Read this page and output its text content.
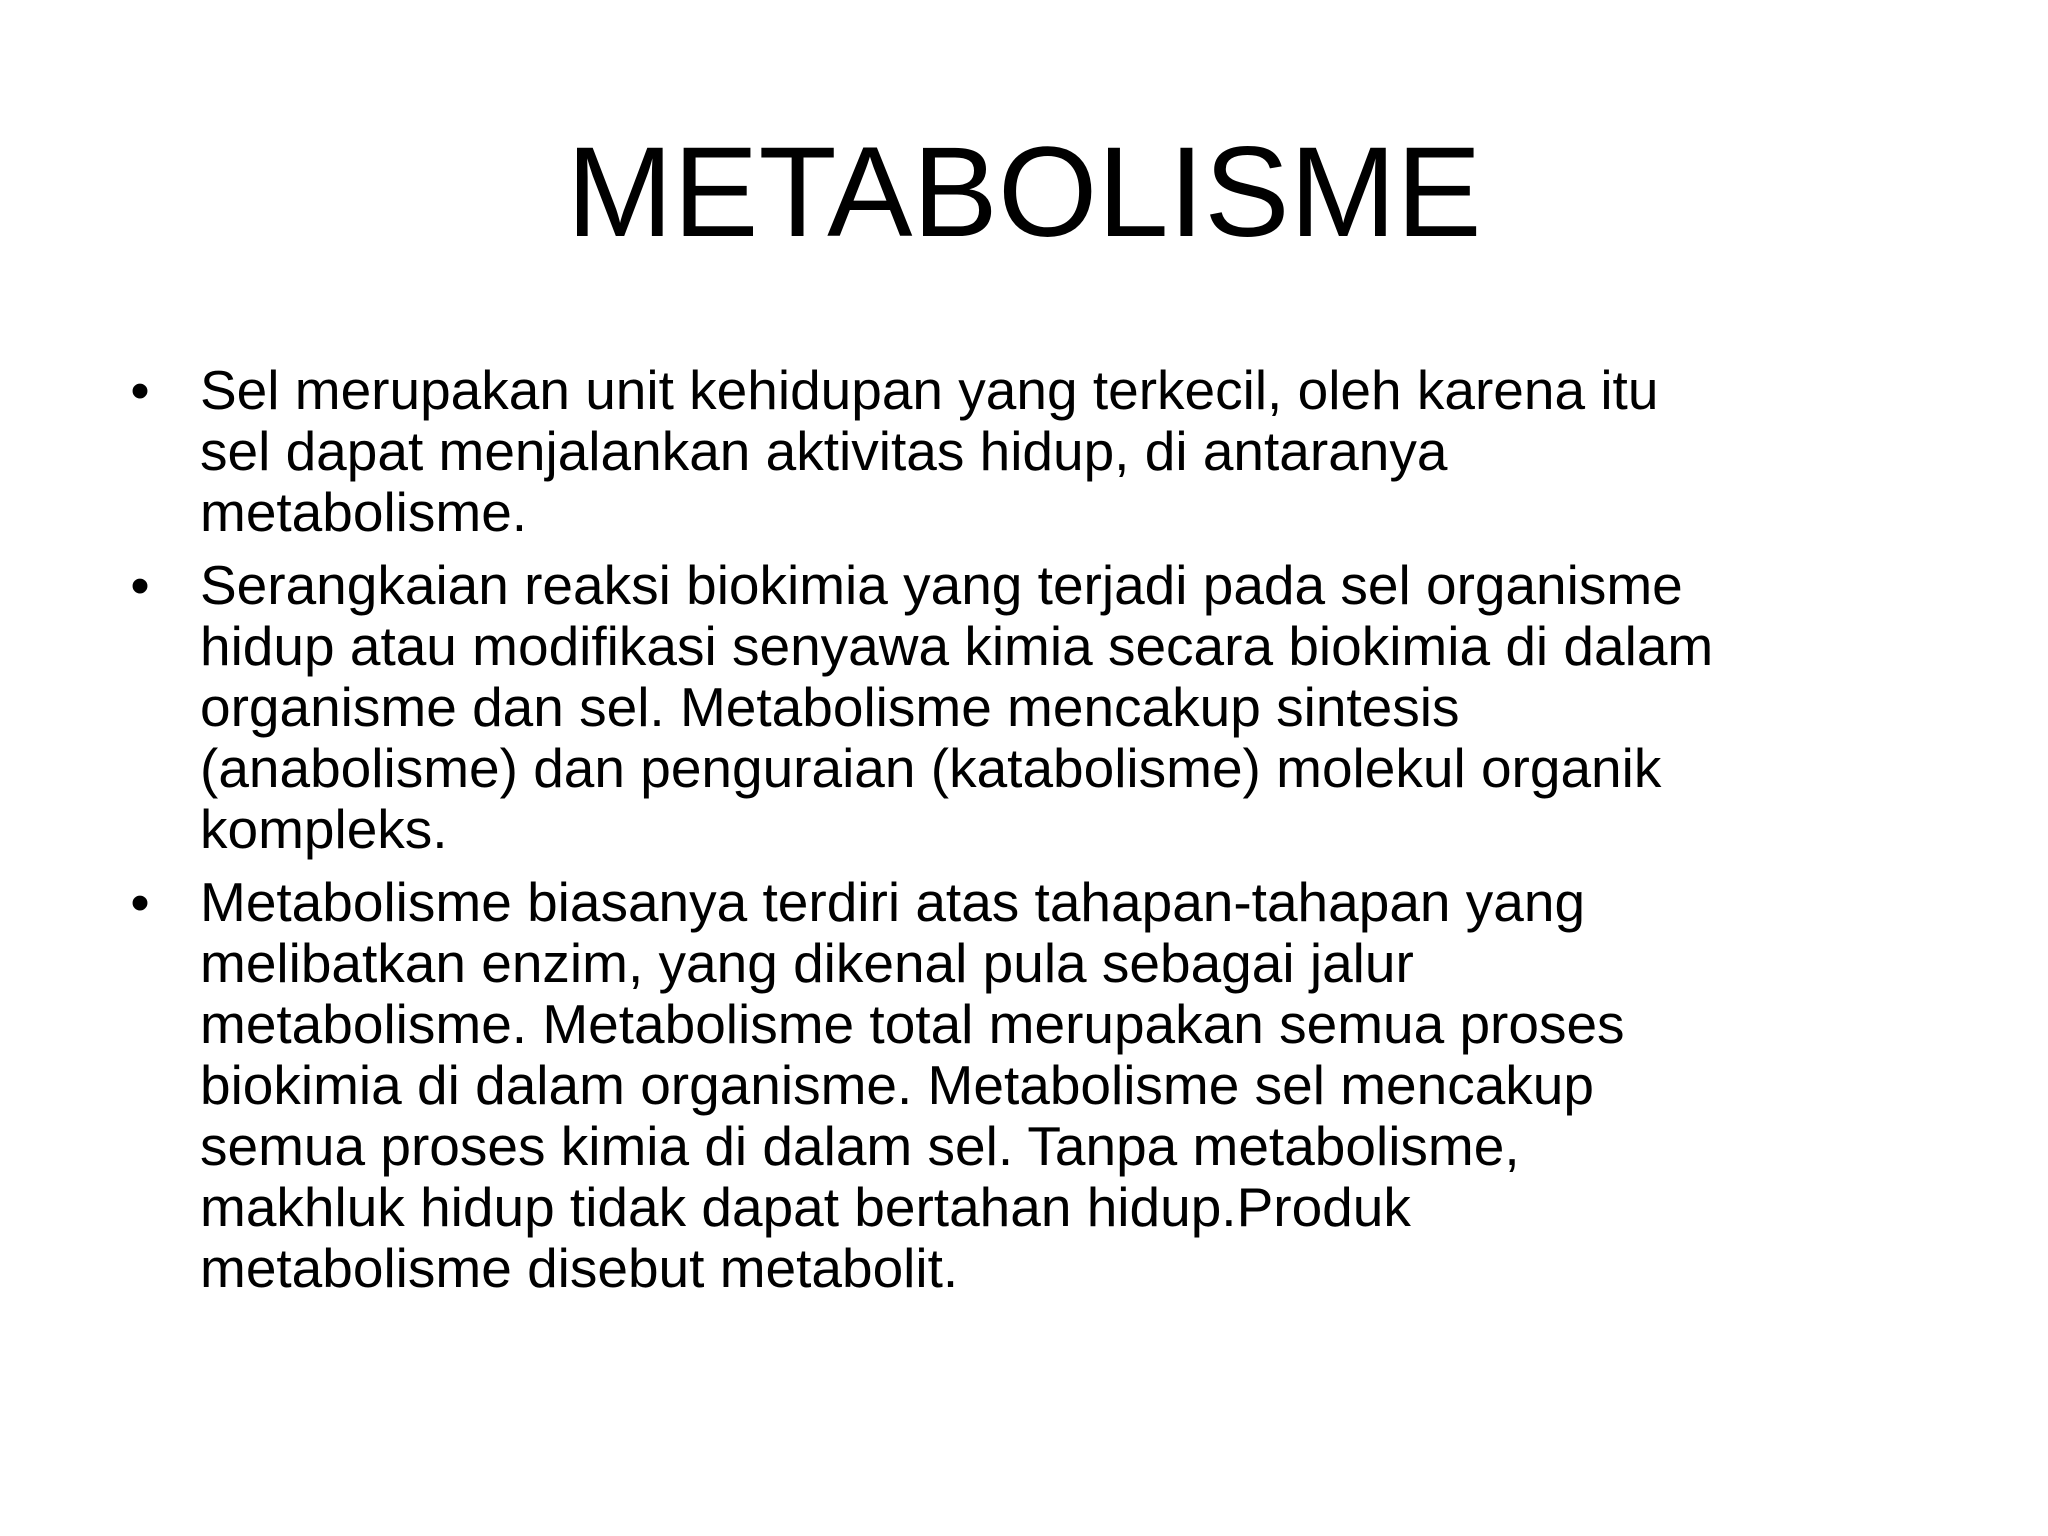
METABOLISME
• Sel merupakan unit kehidupan yang terkecil, oleh karena itu
sel dapat menjalankan aktivitas hidup, di antaranya
metabolisme.
• Serangkaian reaksi biokimia yang terjadi pada sel organisme
hidup atau modifikasi senyawa kimia secara biokimia di dalam
organisme dan sel. Metabolisme mencakup sintesis
(anabolisme) dan penguraian (katabolisme) molekul organik
kompleks.
• Metabolisme biasanya terdiri atas tahapan-tahapan yang
melibatkan enzim, yang dikenal pula sebagai jalur
metabolisme. Metabolisme total merupakan semua proses
biokimia di dalam organisme. Metabolisme sel mencakup
semua proses kimia di dalam sel. Tanpa metabolisme,
makhluk hidup tidak dapat bertahan hidup.Produk
metabolisme disebut metabolit.
